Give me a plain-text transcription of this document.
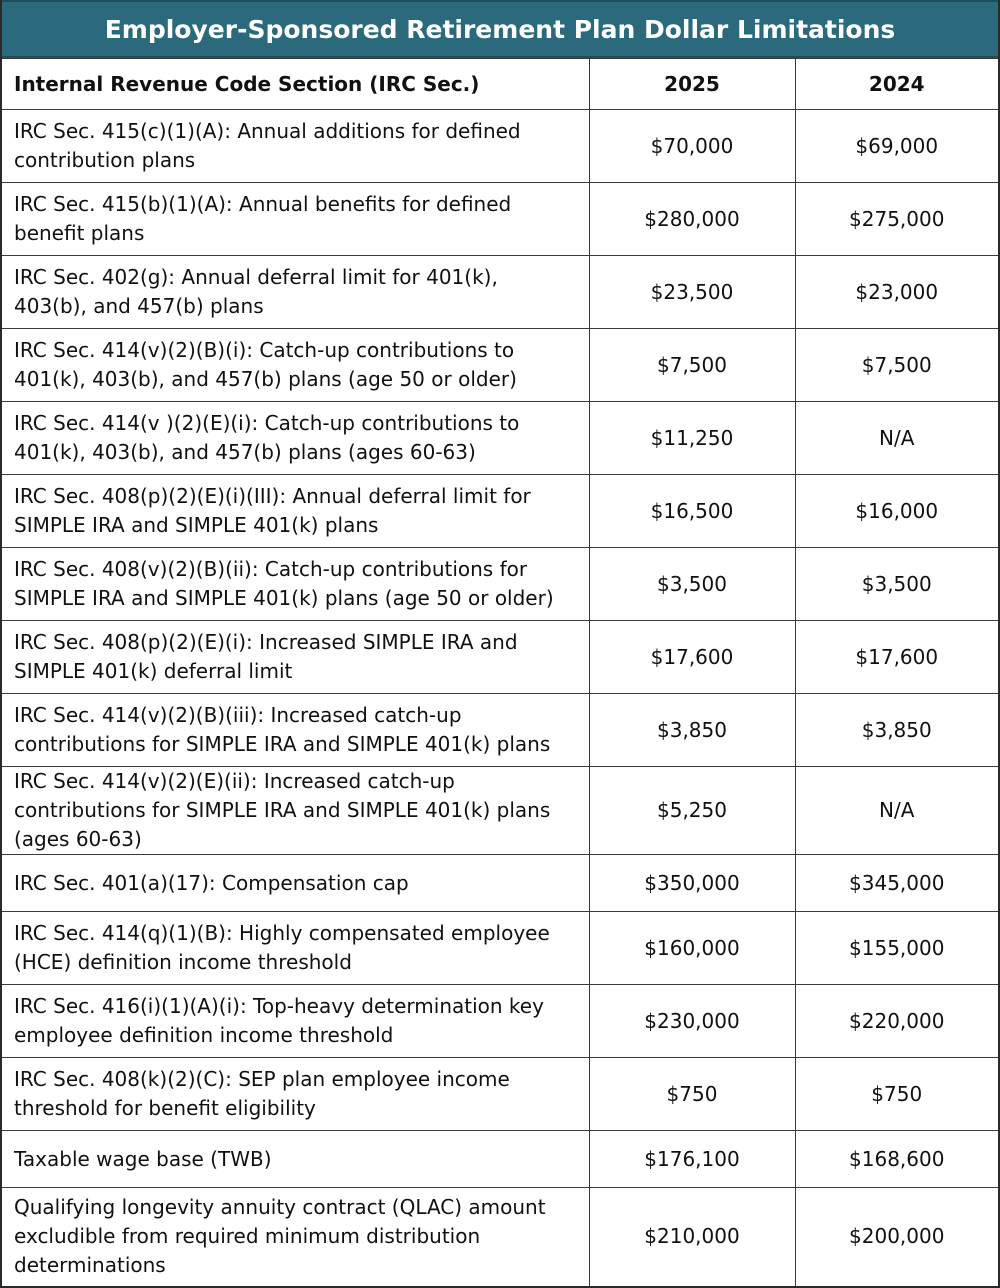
Employer-Sponsored Retirement Plan Dollar Limitations
Internal Revenue Code Section (IRC Sec.)	2025	2024
IRC Sec. 415(c)(1)(A): Annual additions for defined contribution plans	$70,000	$69,000
IRC Sec. 415(b)(1)(A): Annual benefits for defined benefit plans	$280,000	$275,000
IRC Sec. 402(g): Annual deferral limit for 401(k), 403(b), and 457(b) plans	$23,500	$23,000
IRC Sec. 414(v)(2)(B)(i): Catch-up contributions to 401(k), 403(b), and 457(b) plans (age 50 or older)	$7,500	$7,500
IRC Sec. 414(v )(2)(E)(i): Catch-up contributions to 401(k), 403(b), and 457(b) plans (ages 60-63)	$11,250	N/A
IRC Sec. 408(p)(2)(E)(i)(III): Annual deferral limit for SIMPLE IRA and SIMPLE 401(k) plans	$16,500	$16,000
IRC Sec. 408(v)(2)(B)(ii): Catch-up contributions for SIMPLE IRA and SIMPLE 401(k) plans (age 50 or older)	$3,500	$3,500
IRC Sec. 408(p)(2)(E)(i): Increased SIMPLE IRA and SIMPLE 401(k) deferral limit	$17,600	$17,600
IRC Sec. 414(v)(2)(B)(iii): Increased catch-up contributions for SIMPLE IRA and SIMPLE 401(k) plans	$3,850	$3,850
IRC Sec. 414(v)(2)(E)(ii): Increased catch-up contributions for SIMPLE IRA and SIMPLE 401(k) plans (ages 60-63)	$5,250	N/A
IRC Sec. 401(a)(17): Compensation cap	$350,000	$345,000
IRC Sec. 414(q)(1)(B): Highly compensated employee (HCE) definition income threshold	$160,000	$155,000
IRC Sec. 416(i)(1)(A)(i): Top-heavy determination key employee definition income threshold	$230,000	$220,000
IRC Sec. 408(k)(2)(C): SEP plan employee income threshold for benefit eligibility	$750	$750
Taxable wage base (TWB)	$176,100	$168,600
Qualifying longevity annuity contract (QLAC) amount excludible from required minimum distribution determinations	$210,000	$200,000
